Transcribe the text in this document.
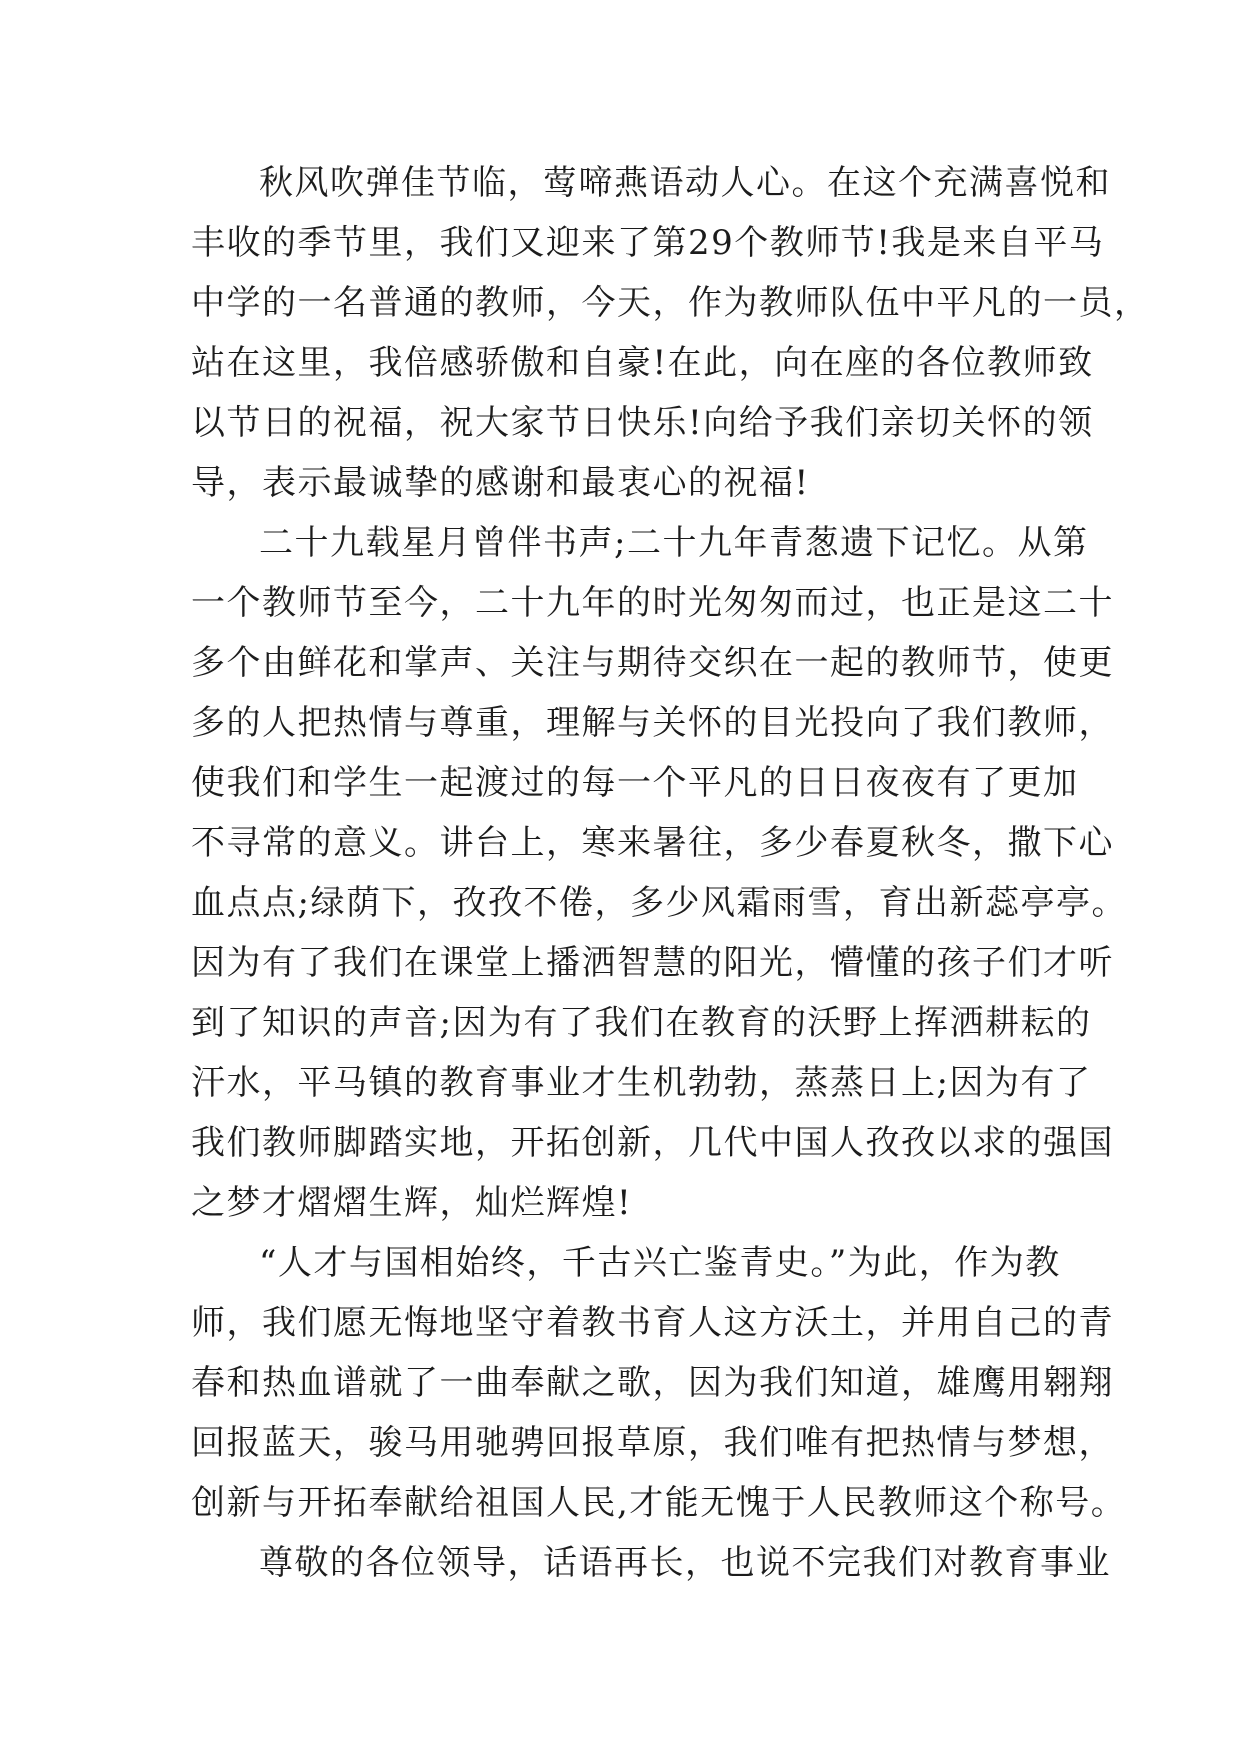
秋风吹弹佳节临，莺啼燕语动人心。在这个充满喜悦和
丰收的季节里，我们又迎来了第29个教师节!我是来自平马
中学的一名普通的教师，今天，作为教师队伍中平凡的一员，
站在这里，我倍感骄傲和自豪!在此，向在座的各位教师致
以节日的祝福，祝大家节日快乐!向给予我们亲切关怀的领
导，表示最诚挚的感谢和最衷心的祝福!
二十九载星月曾伴书声;二十九年青葱遗下记忆。从第
一个教师节至今，二十九年的时光匆匆而过，也正是这二十
多个由鲜花和掌声、关注与期待交织在一起的教师节，使更
多的人把热情与尊重，理解与关怀的目光投向了我们教师，
使我们和学生一起渡过的每一个平凡的日日夜夜有了更加
不寻常的意义。讲台上，寒来暑往，多少春夏秋冬，撒下心
血点点;绿荫下，孜孜不倦，多少风霜雨雪，育出新蕊亭亭。
因为有了我们在课堂上播洒智慧的阳光，懵懂的孩子们才听
到了知识的声音;因为有了我们在教育的沃野上挥洒耕耘的
汗水，平马镇的教育事业才生机勃勃，蒸蒸日上;因为有了
我们教师脚踏实地，开拓创新，几代中国人孜孜以求的强国
之梦才熠熠生辉，灿烂辉煌!
“人才与国相始终，千古兴亡鉴青史。”为此，作为教
师，我们愿无悔地坚守着教书育人这方沃土，并用自己的青
春和热血谱就了一曲奉献之歌，因为我们知道，雄鹰用翱翔
回报蓝天，骏马用驰骋回报草原，我们唯有把热情与梦想，
创新与开拓奉献给祖国人民,才能无愧于人民教师这个称号。
尊敬的各位领导，话语再长，也说不完我们对教育事业
